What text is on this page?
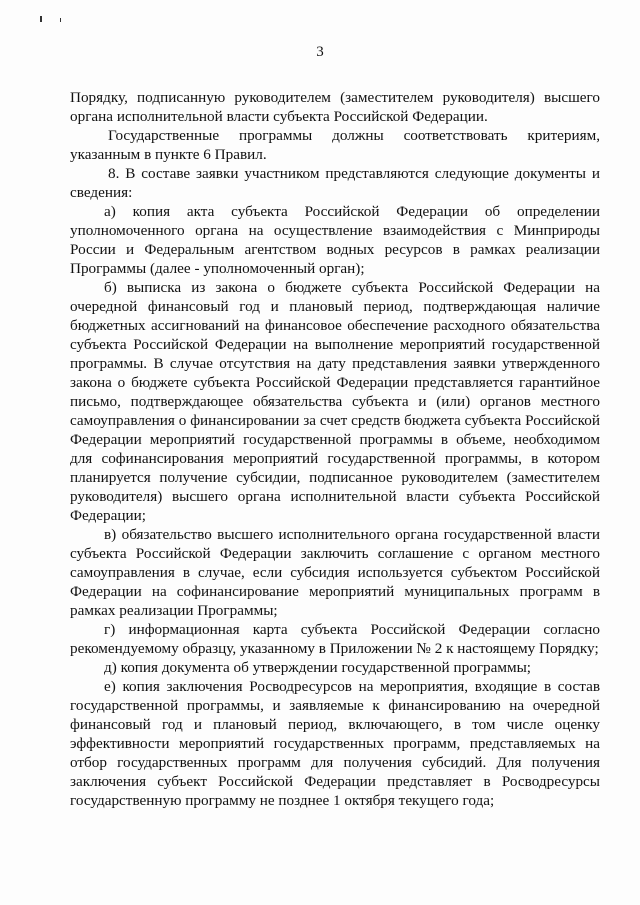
3

Порядку, подписанную руководителем (заместителем руководителя) высшего органа исполнительной власти субъекта Российской Федерации.

Государственные программы должны соответствовать критериям, указанным в пункте 6 Правил.

8. В составе заявки участником представляются следующие документы и сведения:

а) копия акта субъекта Российской Федерации об определении уполномоченного органа на осуществление взаимодействия с Минприроды России и Федеральным агентством водных ресурсов в рамках реализации Программы (далее - уполномоченный орган);

б) выписка из закона о бюджете субъекта Российской Федерации на очередной финансовый год и плановый период, подтверждающая наличие бюджетных ассигнований на финансовое обеспечение расходного обязательства субъекта Российской Федерации на выполнение мероприятий государственной программы. В случае отсутствия на дату представления заявки утвержденного закона о бюджете субъекта Российской Федерации представляется гарантийное письмо, подтверждающее обязательства субъекта и (или) органов местного самоуправления о финансировании за счет средств бюджета субъекта Российской Федерации мероприятий государственной программы в объеме, необходимом для софинансирования мероприятий государственной программы, в котором планируется получение субсидии, подписанное руководителем (заместителем руководителя) высшего органа исполнительной власти субъекта Российской Федерации;

в) обязательство высшего исполнительного органа государственной власти субъекта Российской Федерации заключить соглашение с органом местного самоуправления в случае, если субсидия используется субъектом Российской Федерации на софинансирование мероприятий муниципальных программ в рамках реализации Программы;

г) информационная карта субъекта Российской Федерации согласно рекомендуемому образцу, указанному в Приложении № 2 к настоящему Порядку;

д) копия документа об утверждении государственной программы;

е) копия заключения Росводресурсов на мероприятия, входящие в состав государственной программы, и заявляемые к финансированию на очередной финансовый год и плановый период, включающего, в том числе оценку эффективности мероприятий государственных программ, представляемых на отбор государственных программ для получения субсидий. Для получения заключения субъект Российской Федерации представляет в Росводресурсы государственную программу не позднее 1 октября текущего года;
